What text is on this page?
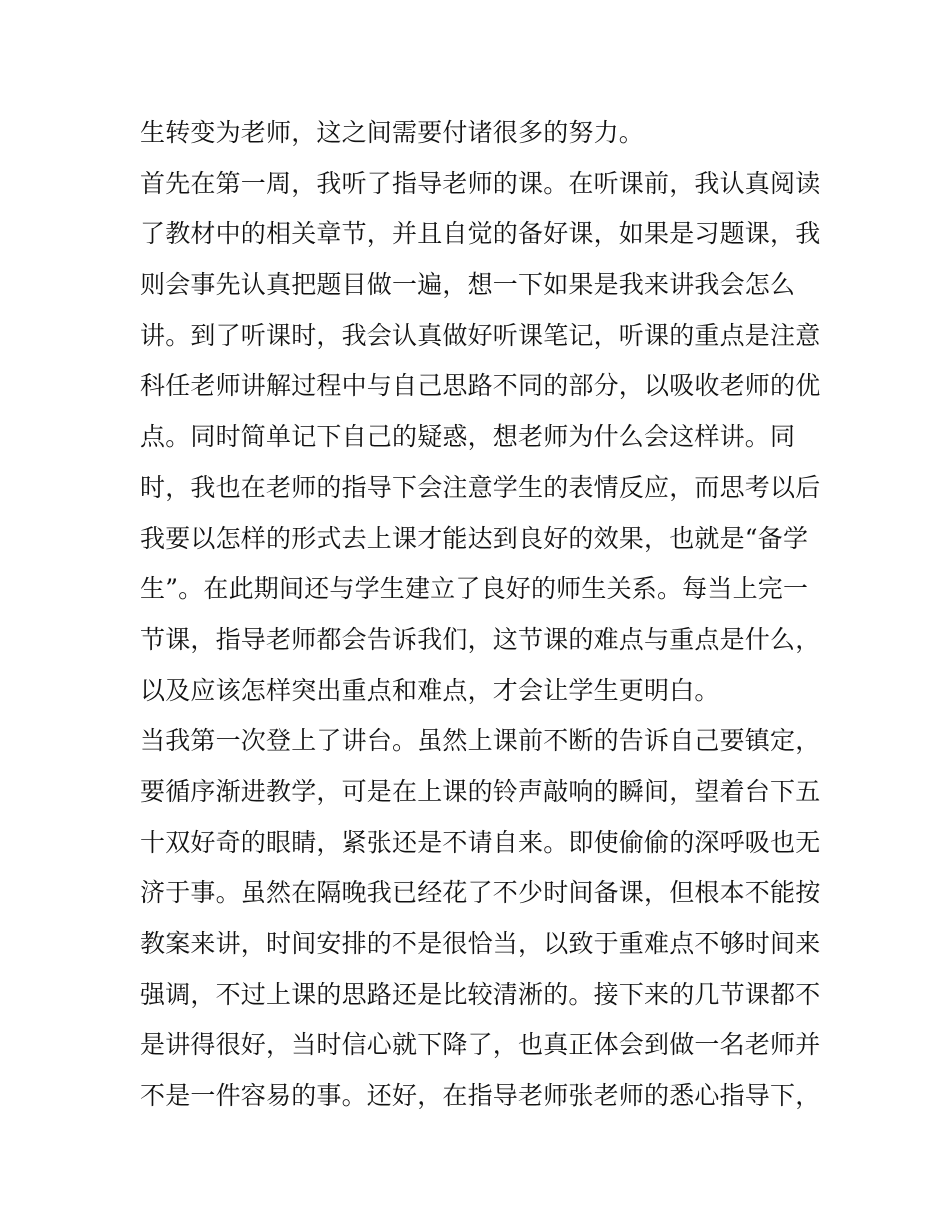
生转变为老师，这之间需要付诸很多的努力。
首先在第一周，我听了指导老师的课。在听课前，我认真阅读
了教材中的相关章节，并且自觉的备好课，如果是习题课，我
则会事先认真把题目做一遍，想一下如果是我来讲我会怎么
讲。到了听课时，我会认真做好听课笔记，听课的重点是注意
科任老师讲解过程中与自己思路不同的部分，以吸收老师的优
点。同时简单记下自己的疑惑，想老师为什么会这样讲。同
时，我也在老师的指导下会注意学生的表情反应，而思考以后
我要以怎样的形式去上课才能达到良好的效果，也就是“备学
生”。在此期间还与学生建立了良好的师生关系。每当上完一
节课，指导老师都会告诉我们，这节课的难点与重点是什么，
以及应该怎样突出重点和难点，才会让学生更明白。
当我第一次登上了讲台。虽然上课前不断的告诉自己要镇定，
要循序渐进教学，可是在上课的铃声敲响的瞬间，望着台下五
十双好奇的眼睛，紧张还是不请自来。即使偷偷的深呼吸也无
济于事。虽然在隔晚我已经花了不少时间备课，但根本不能按
教案来讲，时间安排的不是很恰当，以致于重难点不够时间来
强调，不过上课的思路还是比较清淅的。接下来的几节课都不
是讲得很好，当时信心就下降了，也真正体会到做一名老师并
不是一件容易的事。还好，在指导老师张老师的悉心指导下，
